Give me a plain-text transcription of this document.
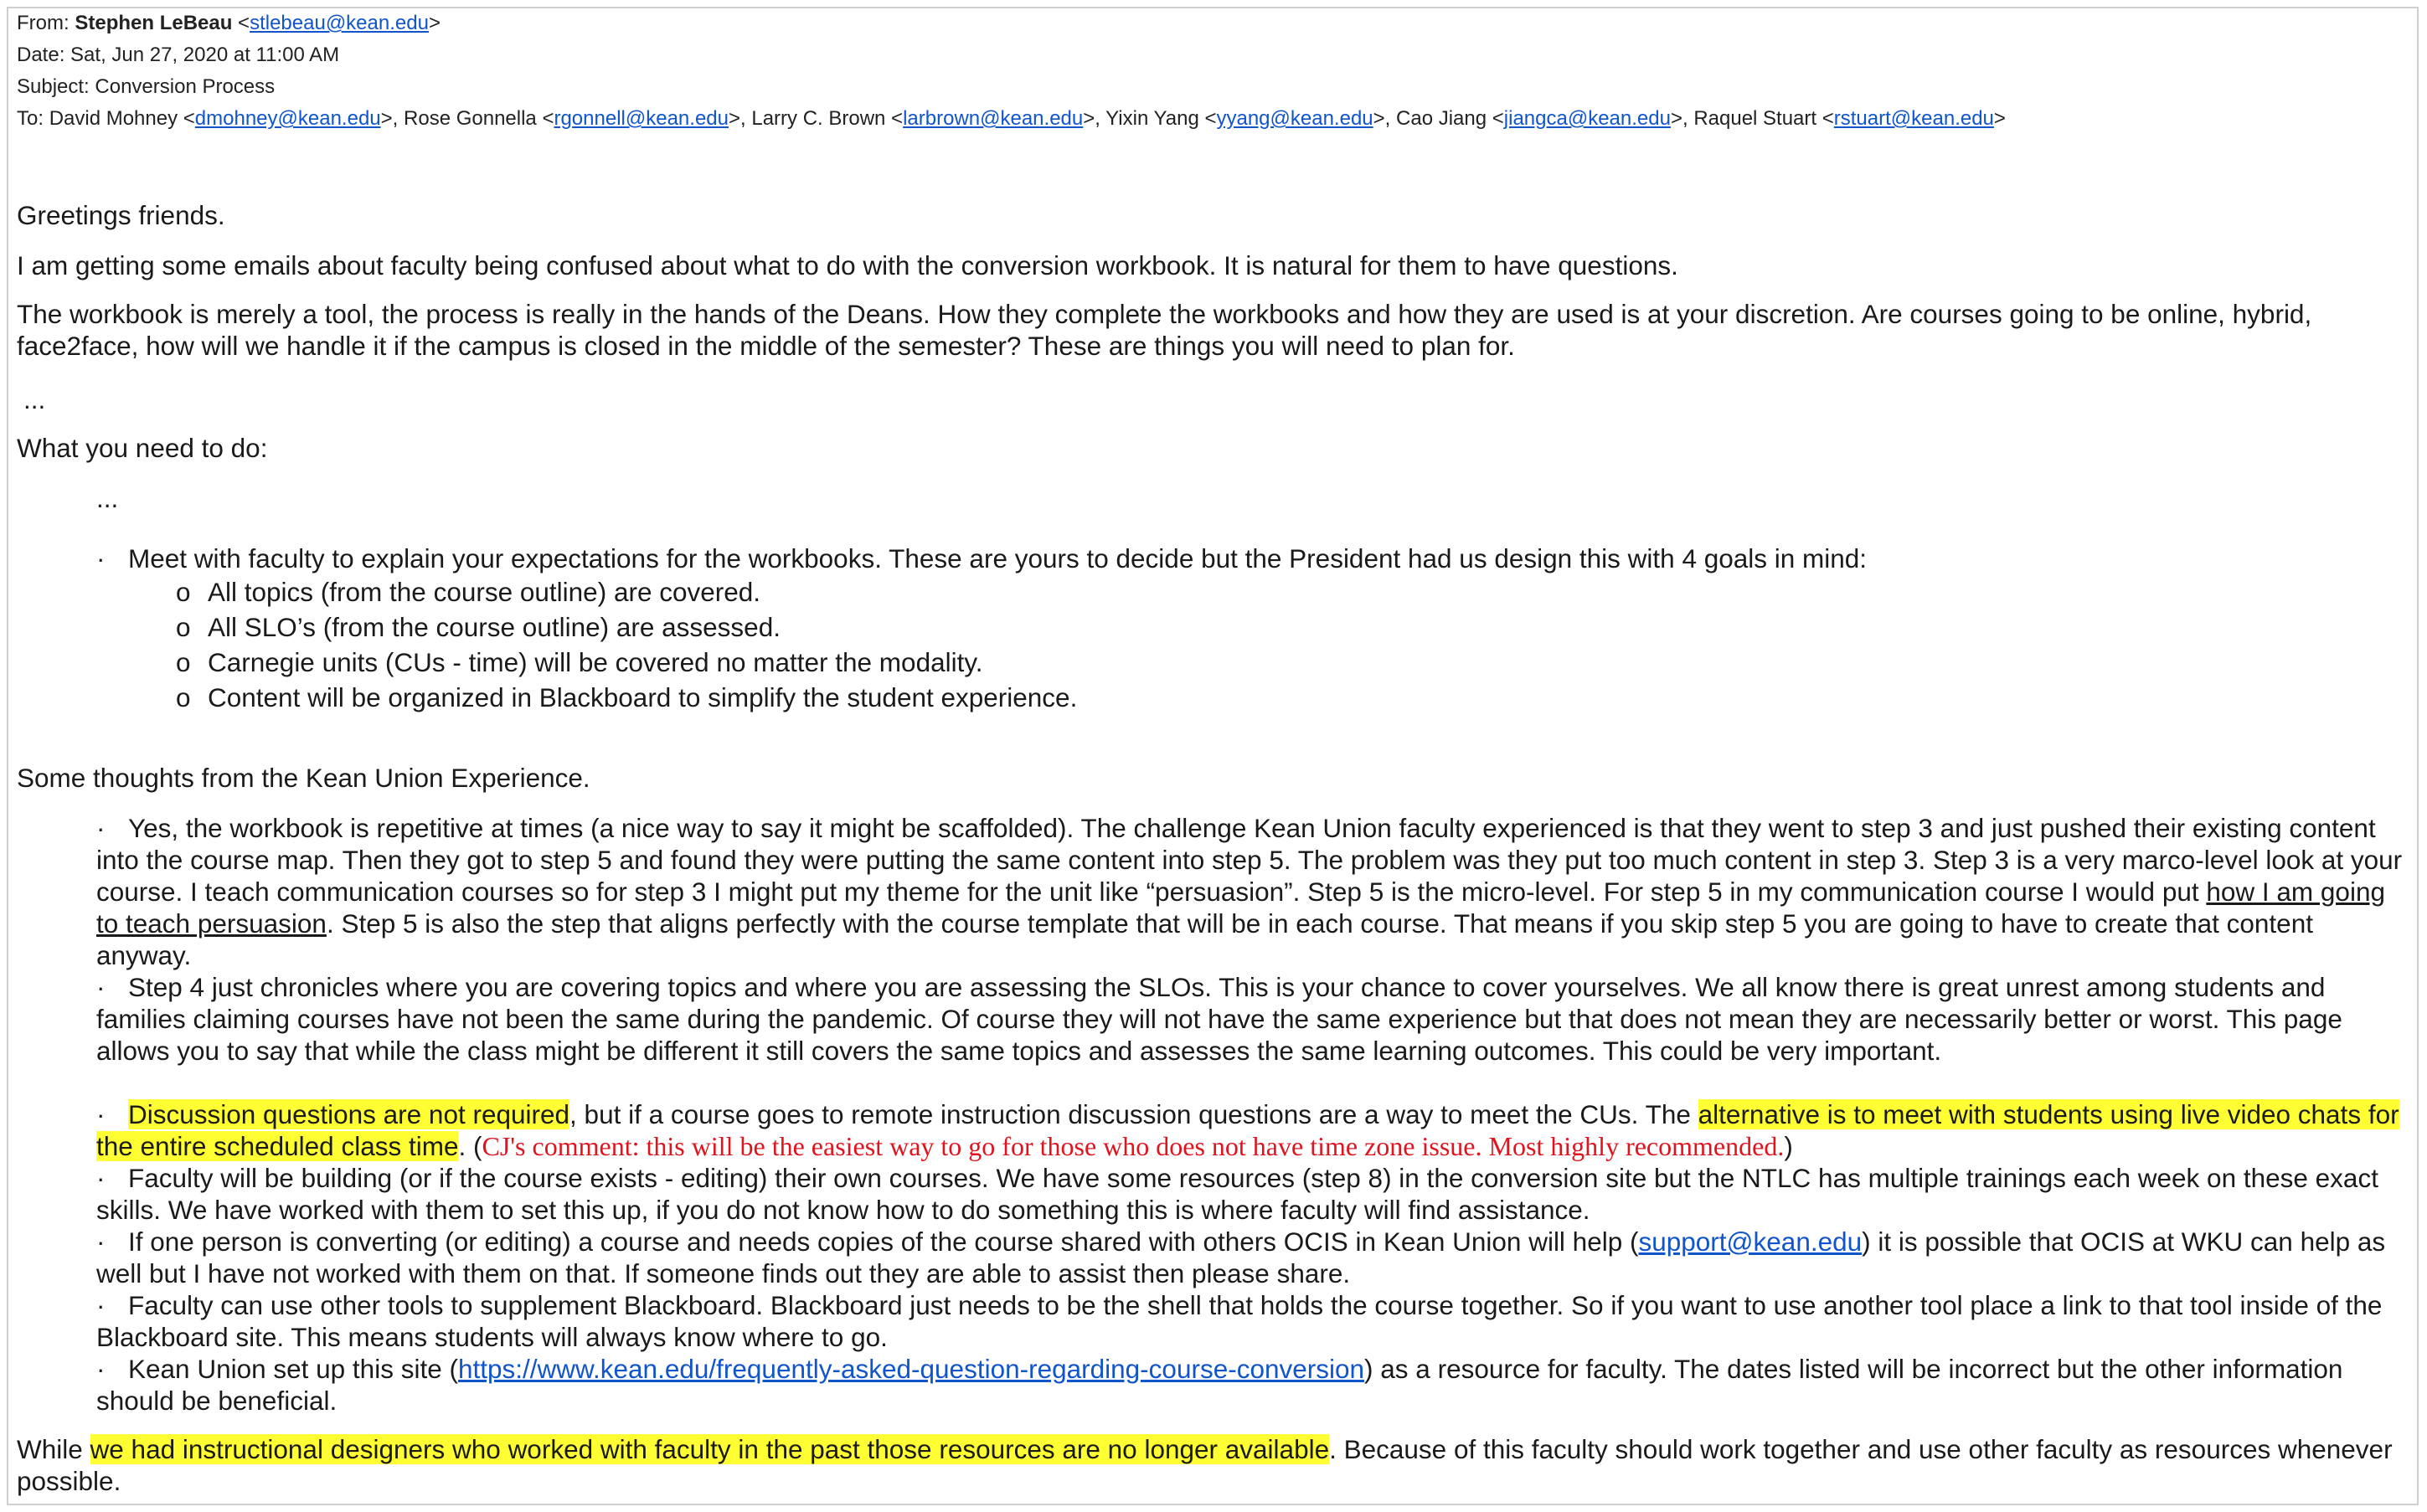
From: Stephen LeBeau <stlebeau@kean.edu>
Date: Sat, Jun 27, 2020 at 11:00 AM
Subject: Conversion Process
To: David Mohney <dmohney@kean.edu>, Rose Gonnella <rgonnell@kean.edu>, Larry C. Brown <larbrown@kean.edu>, Yixin Yang <yyang@kean.edu>, Cao Jiang <jiangca@kean.edu>, Raquel Stuart <rstuart@kean.edu>
Greetings friends.
I am getting some emails about faculty being confused about what to do with the conversion workbook. It is natural for them to have questions.
The workbook is merely a tool, the process is really in the hands of the Deans. How they complete the workbooks and how they are used is at your discretion. Are courses going to be online, hybrid, face2face, how will we handle it if the campus is closed in the middle of the semester? These are things you will need to plan for.
...
What you need to do:
...
· Meet with faculty to explain your expectations for the workbooks. These are yours to decide but the President had us design this with 4 goals in mind:
o All topics (from the course outline) are covered.
o All SLO’s (from the course outline) are assessed.
o Carnegie units (CUs - time) will be covered no matter the modality.
o Content will be organized in Blackboard to simplify the student experience.
Some thoughts from the Kean Union Experience.
· Yes, the workbook is repetitive at times (a nice way to say it might be scaffolded). The challenge Kean Union faculty experienced is that they went to step 3 and just pushed their existing content into the course map. Then they got to step 5 and found they were putting the same content into step 5. The problem was they put too much content in step 3. Step 3 is a very marco-level look at your course. I teach communication courses so for step 3 I might put my theme for the unit like “persuasion”. Step 5 is the micro-level. For step 5 in my communication course I would put how I am going to teach persuasion. Step 5 is also the step that aligns perfectly with the course template that will be in each course. That means if you skip step 5 you are going to have to create that content anyway.
· Step 4 just chronicles where you are covering topics and where you are assessing the SLOs. This is your chance to cover yourselves. We all know there is great unrest among students and families claiming courses have not been the same during the pandemic. Of course they will not have the same experience but that does not mean they are necessarily better or worst. This page allows you to say that while the class might be different it still covers the same topics and assesses the same learning outcomes. This could be very important.
· Discussion questions are not required, but if a course goes to remote instruction discussion questions are a way to meet the CUs. The alternative is to meet with students using live video chats for the entire scheduled class time. (CJ's comment: this will be the easiest way to go for those who does not have time zone issue. Most highly recommended.)
· Faculty will be building (or if the course exists - editing) their own courses. We have some resources (step 8) in the conversion site but the NTLC has multiple trainings each week on these exact skills. We have worked with them to set this up, if you do not know how to do something this is where faculty will find assistance.
· If one person is converting (or editing) a course and needs copies of the course shared with others OCIS in Kean Union will help (support@kean.edu) it is possible that OCIS at WKU can help as well but I have not worked with them on that. If someone finds out they are able to assist then please share.
· Faculty can use other tools to supplement Blackboard. Blackboard just needs to be the shell that holds the course together. So if you want to use another tool place a link to that tool inside of the Blackboard site. This means students will always know where to go.
· Kean Union set up this site (https://www.kean.edu/frequently-asked-question-regarding-course-conversion) as a resource for faculty. The dates listed will be incorrect but the other information should be beneficial.
While we had instructional designers who worked with faculty in the past those resources are no longer available. Because of this faculty should work together and use other faculty as resources whenever possible.
